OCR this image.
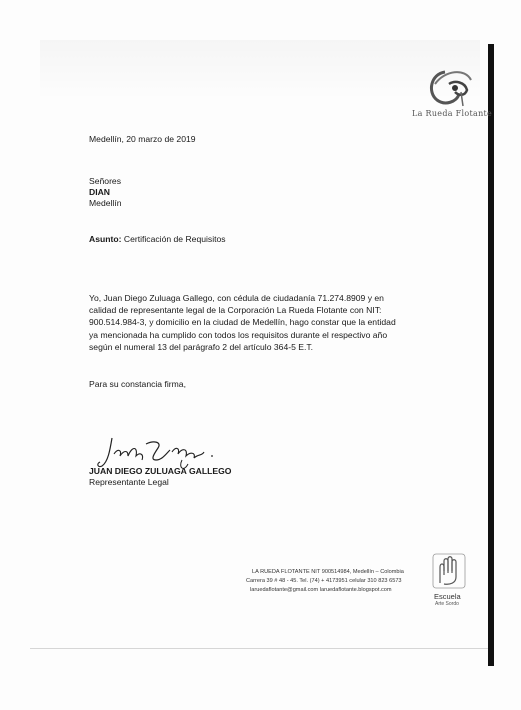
La Rueda Flotante
Medellín, 20 marzo de 2019
Señores
DIAN
Medellín
Asunto: Certificación de Requisitos
Yo, Juan Diego Zuluaga Gallego, con cédula de ciudadanía 71.274.8909 y en
calidad de representante legal de la Corporación La Rueda Flotante con NIT:
900.514.984-3, y domicilio en la ciudad de Medellín, hago constar que la entidad
ya mencionada ha cumplido con todos los requisitos durante el respectivo año
según el numeral 13 del parágrafo 2 del artículo 364-5 E.T.
Para su constancia firma,
JUAN DIEGO ZULUAGA GALLEGO
Representante Legal
LA RUEDA FLOTANTE NIT 900514984, Medellín – Colombia
Carrera 39 # 48 - 45. Tel. (74) + 4173951 celular 310 823 6573
laruedaflotante@gmail.com laruedaflotante.blogspot.com
Escuela
Arte Sordo
